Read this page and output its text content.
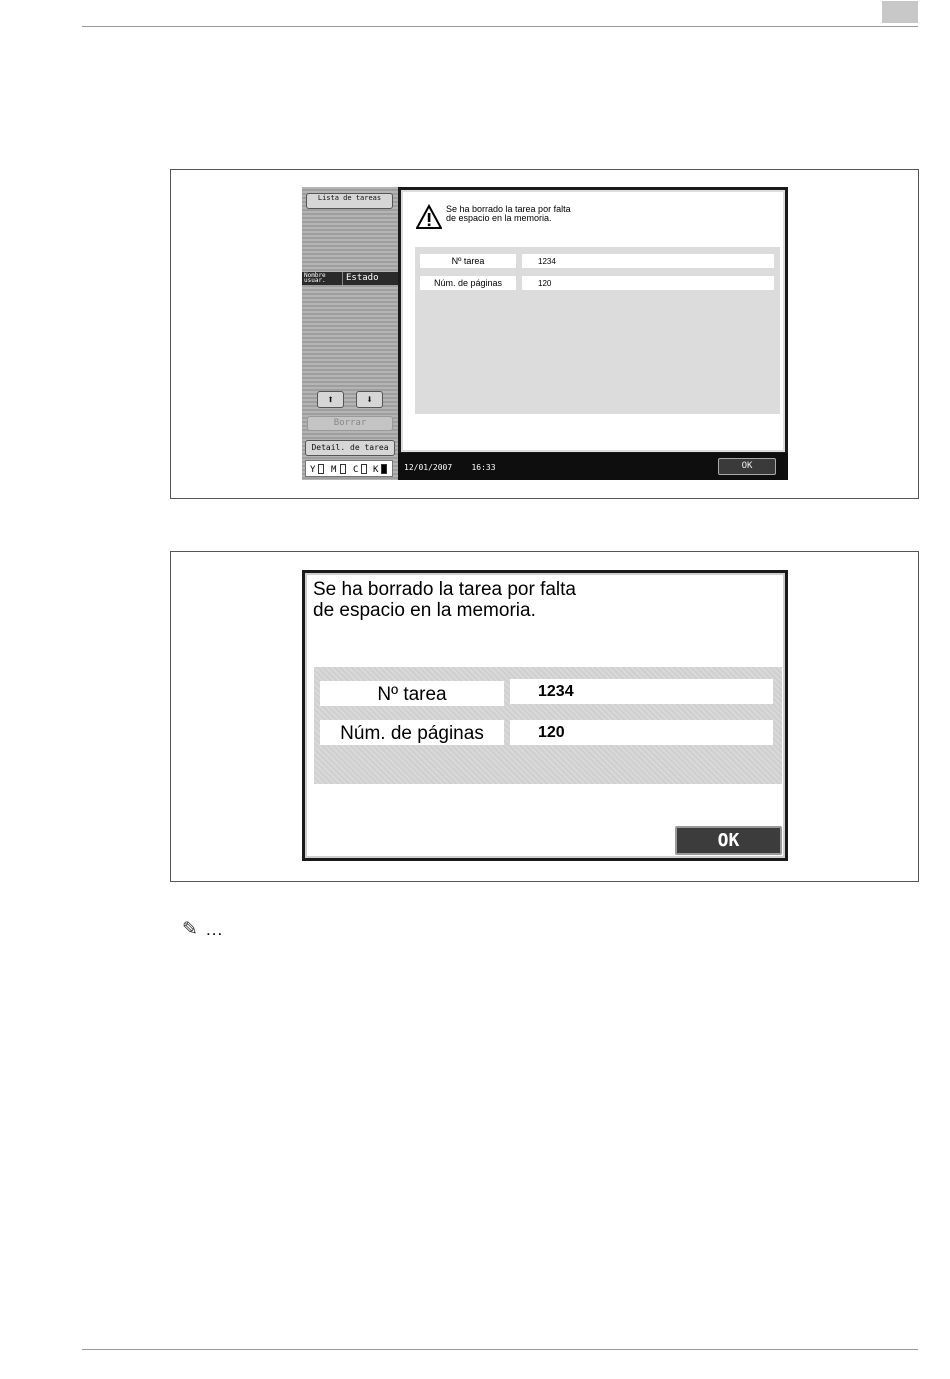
Lista de tareas
Nombre usuar.	Estado
⬆	⬇
Borrar
Detail. de tarea
Y M C K
Se ha borrado la tarea por falta
de espacio en la memoria.
Nº tarea	1234
Núm. de páginas	120
12/01/2007 16:33	OK
Se ha borrado la tarea por falta
de espacio en la memoria.
Nº tarea	1234
Núm. de páginas	120
OK
✎ ...
